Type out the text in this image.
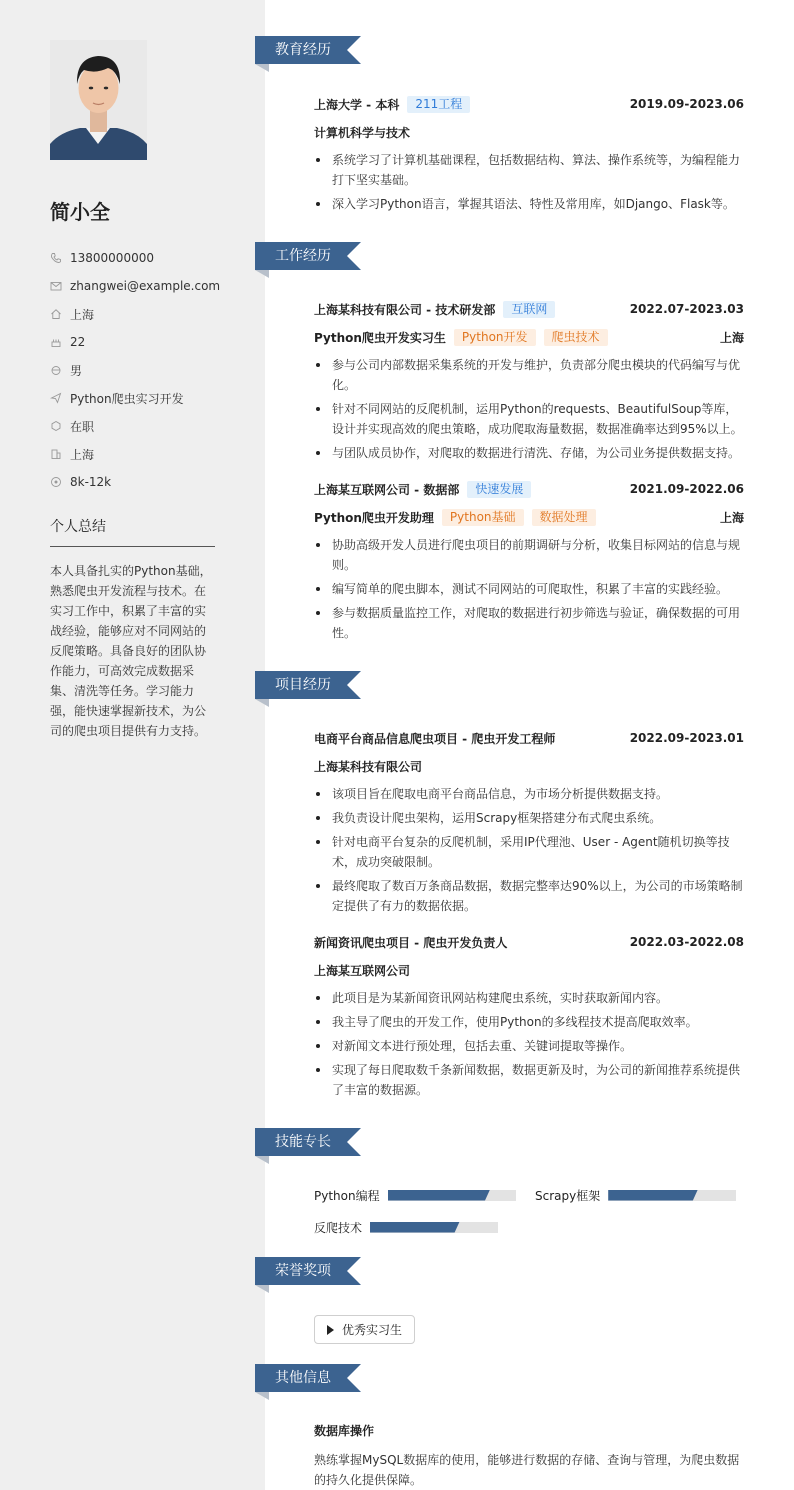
简小全
13800000000
zhangwei@example.com
上海
22
男
Python爬虫实习开发
在职
上海
8k-12k
个人总结
本人具备扎实的Python基础，熟悉爬虫开发流程与技术。在实习工作中，积累了丰富的实战经验，能够应对不同网站的反爬策略。具备良好的团队协作能力，可高效完成数据采集、清洗等任务。学习能力强，能快速掌握新技术，为公司的爬虫项目提供有力支持。
教育经历
上海大学 - 本科	211工程	2019.09-2023.06
计算机科学与技术
系统学习了计算机基础课程，包括数据结构、算法、操作系统等，为编程能力打下坚实基础。
深入学习Python语言，掌握其语法、特性及常用库，如Django、Flask等。
工作经历
上海某科技有限公司 - 技术研发部	互联网	2022.07-2023.03
Python爬虫开发实习生	Python开发	爬虫技术	上海
参与公司内部数据采集系统的开发与维护，负责部分爬虫模块的代码编写与优化。
针对不同网站的反爬机制，运用Python的requests、BeautifulSoup等库，设计并实现高效的爬虫策略，成功爬取海量数据，数据准确率达到95%以上。
与团队成员协作，对爬取的数据进行清洗、存储，为公司业务提供数据支持。
上海某互联网公司 - 数据部	快速发展	2021.09-2022.06
Python爬虫开发助理	Python基础	数据处理	上海
协助高级开发人员进行爬虫项目的前期调研与分析，收集目标网站的信息与规则。
编写简单的爬虫脚本，测试不同网站的可爬取性，积累了丰富的实践经验。
参与数据质量监控工作，对爬取的数据进行初步筛选与验证，确保数据的可用性。
项目经历
电商平台商品信息爬虫项目 - 爬虫开发工程师	2022.09-2023.01
上海某科技有限公司
该项目旨在爬取电商平台商品信息，为市场分析提供数据支持。
我负责设计爬虫架构，运用Scrapy框架搭建分布式爬虫系统。
针对电商平台复杂的反爬机制，采用IP代理池、User - Agent随机切换等技术，成功突破限制。
最终爬取了数百万条商品数据，数据完整率达90%以上，为公司的市场策略制定提供了有力的数据依据。
新闻资讯爬虫项目 - 爬虫开发负责人	2022.03-2022.08
上海某互联网公司
此项目是为某新闻资讯网站构建爬虫系统，实时获取新闻内容。
我主导了爬虫的开发工作，使用Python的多线程技术提高爬取效率。
对新闻文本进行预处理，包括去重、关键词提取等操作。
实现了每日爬取数千条新闻数据，数据更新及时，为公司的新闻推荐系统提供了丰富的数据源。
技能专长
Python编程	Scrapy框架
反爬技术
荣誉奖项
优秀实习生
其他信息
数据库操作
熟练掌握MySQL数据库的使用，能够进行数据的存储、查询与管理，为爬虫数据的持久化提供保障。
